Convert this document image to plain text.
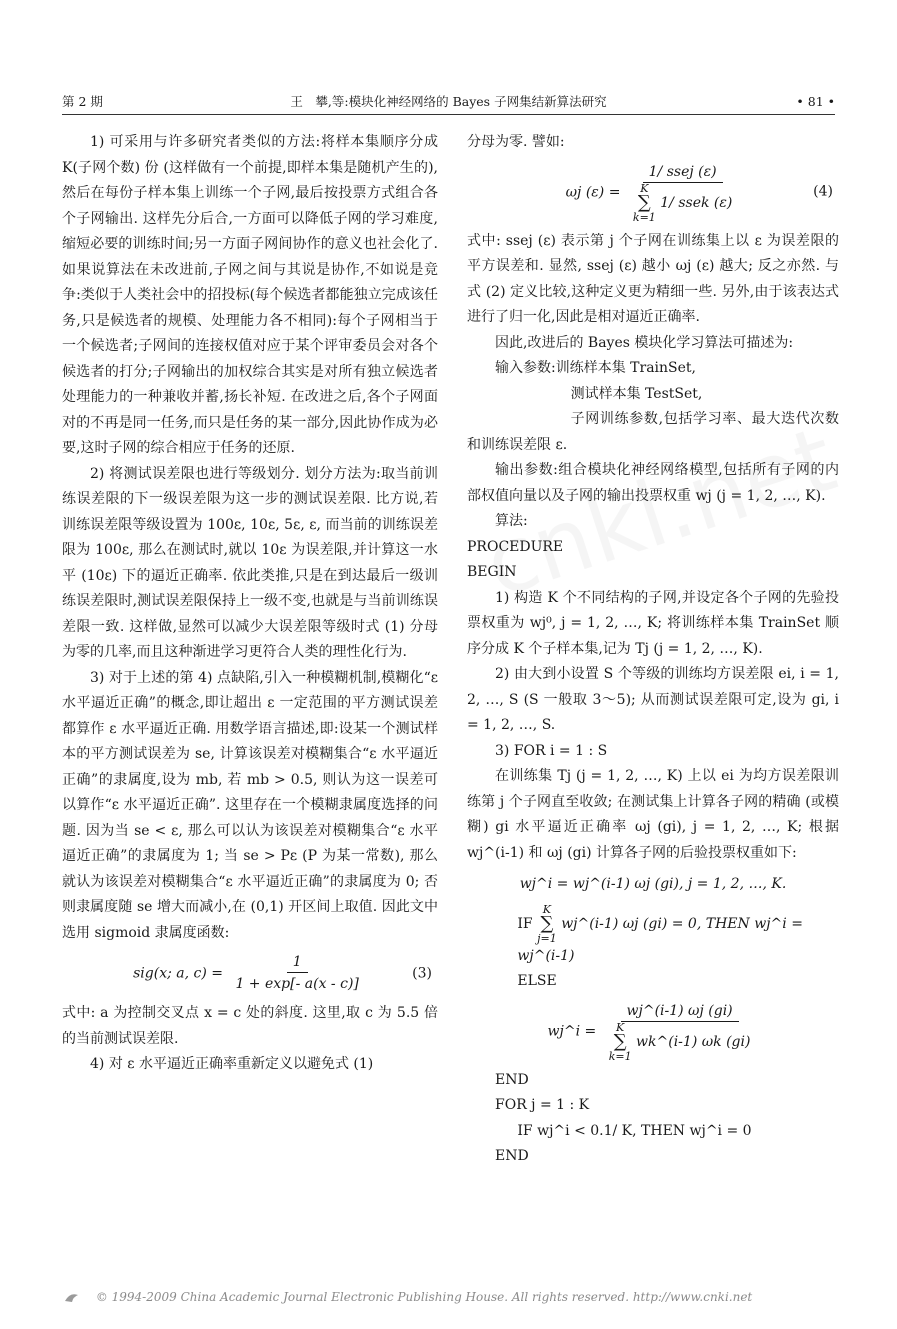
第 2 期	王　攀,等:模块化神经网络的 Bayes 子网集结新算法研究	• 81 •

1) 可采用与许多研究者类似的方法:将样本集顺序分成 K(子网个数) 份 (这样做有一个前提,即样本集是随机产生的),然后在每份子样本集上训练一个子网,最后按投票方式组合各个子网输出. 这样先分后合,一方面可以降低子网的学习难度,缩短必要的训练时间;另一方面子网间协作的意义也社会化了. 如果说算法在未改进前,子网之间与其说是协作,不如说是竞争:类似于人类社会中的招投标(每个候选者都能独立完成该任务,只是候选者的规模、处理能力各不相同):每个子网相当于一个候选者;子网间的连接权值对应于某个评审委员会对各个候选者的打分;子网输出的加权综合其实是对所有独立候选者处理能力的一种兼收并蓄,扬长补短. 在改进之后,各个子网面对的不再是同一任务,而只是任务的某一部分,因此协作成为必要,这时子网的综合相应于任务的还原.

2) 将测试误差限也进行等级划分. 划分方法为:取当前训练误差限的下一级误差限为这一步的测试误差限. 比方说,若训练误差限等级设置为 100ε, 10ε, 5ε, ε, 而当前的训练误差限为 100ε, 那么在测试时,就以 10ε 为误差限,并计算这一水平 (10ε) 下的逼近正确率. 依此类推,只是在到达最后一级训练误差限时,测试误差限保持上一级不变,也就是与当前训练误差限一致. 这样做,显然可以减少大误差限等级时式 (1) 分母为零的几率,而且这种渐进学习更符合人类的理性化行为.

3) 对于上述的第 4) 点缺陷,引入一种模糊机制,模糊化“ε 水平逼近正确”的概念,即让超出 ε 一定范围的平方测试误差都算作 ε 水平逼近正确. 用数学语言描述,即:设某一个测试样本的平方测试误差为 se, 计算该误差对模糊集合“ε 水平逼近正确”的隶属度,设为 mb, 若 mb > 0.5, 则认为这一误差可以算作“ε 水平逼近正确”. 这里存在一个模糊隶属度选择的问题. 因为当 se < ε, 那么可以认为该误差对模糊集合“ε 水平逼近正确”的隶属度为 1; 当 se > Pε (P 为某一常数), 那么就认为该误差对模糊集合“ε 水平逼近正确”的隶属度为 0; 否则隶属度随 se 增大而减小,在 (0,1) 开区间上取值. 因此文中选用 sigmoid 隶属度函数:

sig(x; a, $c) = \frac{1}{1 + \exp[- a(x - c)]}$	(3)

式中: a 为控制交叉点 x = c 处的斜度. 这里,取 c 为 5.5 倍的当前测试误差限.

4) 对 ε 水平逼近正确率重新定义以避免式 (1)

分母为零. 譬如:

ωj (ε) = 1/ ssej (ε)
K
∑
k=1
1/ ssek (ε)	(4)

式中: ssej (ε) 表示第 j 个子网在训练集上以 ε 为误差限的平方误差和. 显然, ssej (ε) 越小 ωj (ε) 越大; 反之亦然. 与式 (2) 定义比较,这种定义更为精细一些. 另外,由于该表达式进行了归一化,因此是相对逼近正确率.

因此,改进后的 Bayes 模块化学习算法可描述为:

输入参数:训练样本集 TrainSet,

测试样本集 TestSet,

子网训练参数,包括学习率、最大迭代次数和训练误差限 ε.

输出参数:组合模块化神经网络模型,包括所有子网的内部权值向量以及子网的输出投票权重 wj (j = 1, 2, …, K).

算法:

PROCEDURE

BEGIN

1) 构造 K 个不同结构的子网,并设定各个子网的先验投票权重为 wj⁰, j = 1, 2, …, K; 将训练样本集 TrainSet 顺序分成 K 个子样本集,记为 Tj (j = 1, 2, …, K).

2) 由大到小设置 S 个等级的训练均方误差限 ei, i = 1, 2, …, S (S 一般取 3～5); 从而测试误差限可定,设为 gi, i = 1, 2, …, S.

3) FOR i = 1 : S

在训练集 Tj (j = 1, 2, …, K) 上以 ei 为均方误差限训练第 j 个子网直至收敛; 在测试集上计算各子网的精确 (或模糊) gi 水平逼近正确率 ωj (gi), j = 1, 2, …, K; 根据 wj^(i-1) 和 ωj (gi) 计算各子网的后验投票权重如下:

wj^i = wj^(i-1) ωj (gi), j = 1, 2, …, K.
IF
K
∑
j=1
wj^(i-1) ωj (gi) = 0, THEN wj^i = wj^(i-1)

ELSE

wj^i =
wj^(i-1) ωj (gi)
K
∑
k=1
wk^(i-1) ωk (gi)

END

FOR j = 1 : K

IF wj^i < 0.1/ K, THEN wj^i = 0

END

© 1994-2009 China Academic Journal Electronic Publishing House. All rights reserved. http://www.cnki.net
